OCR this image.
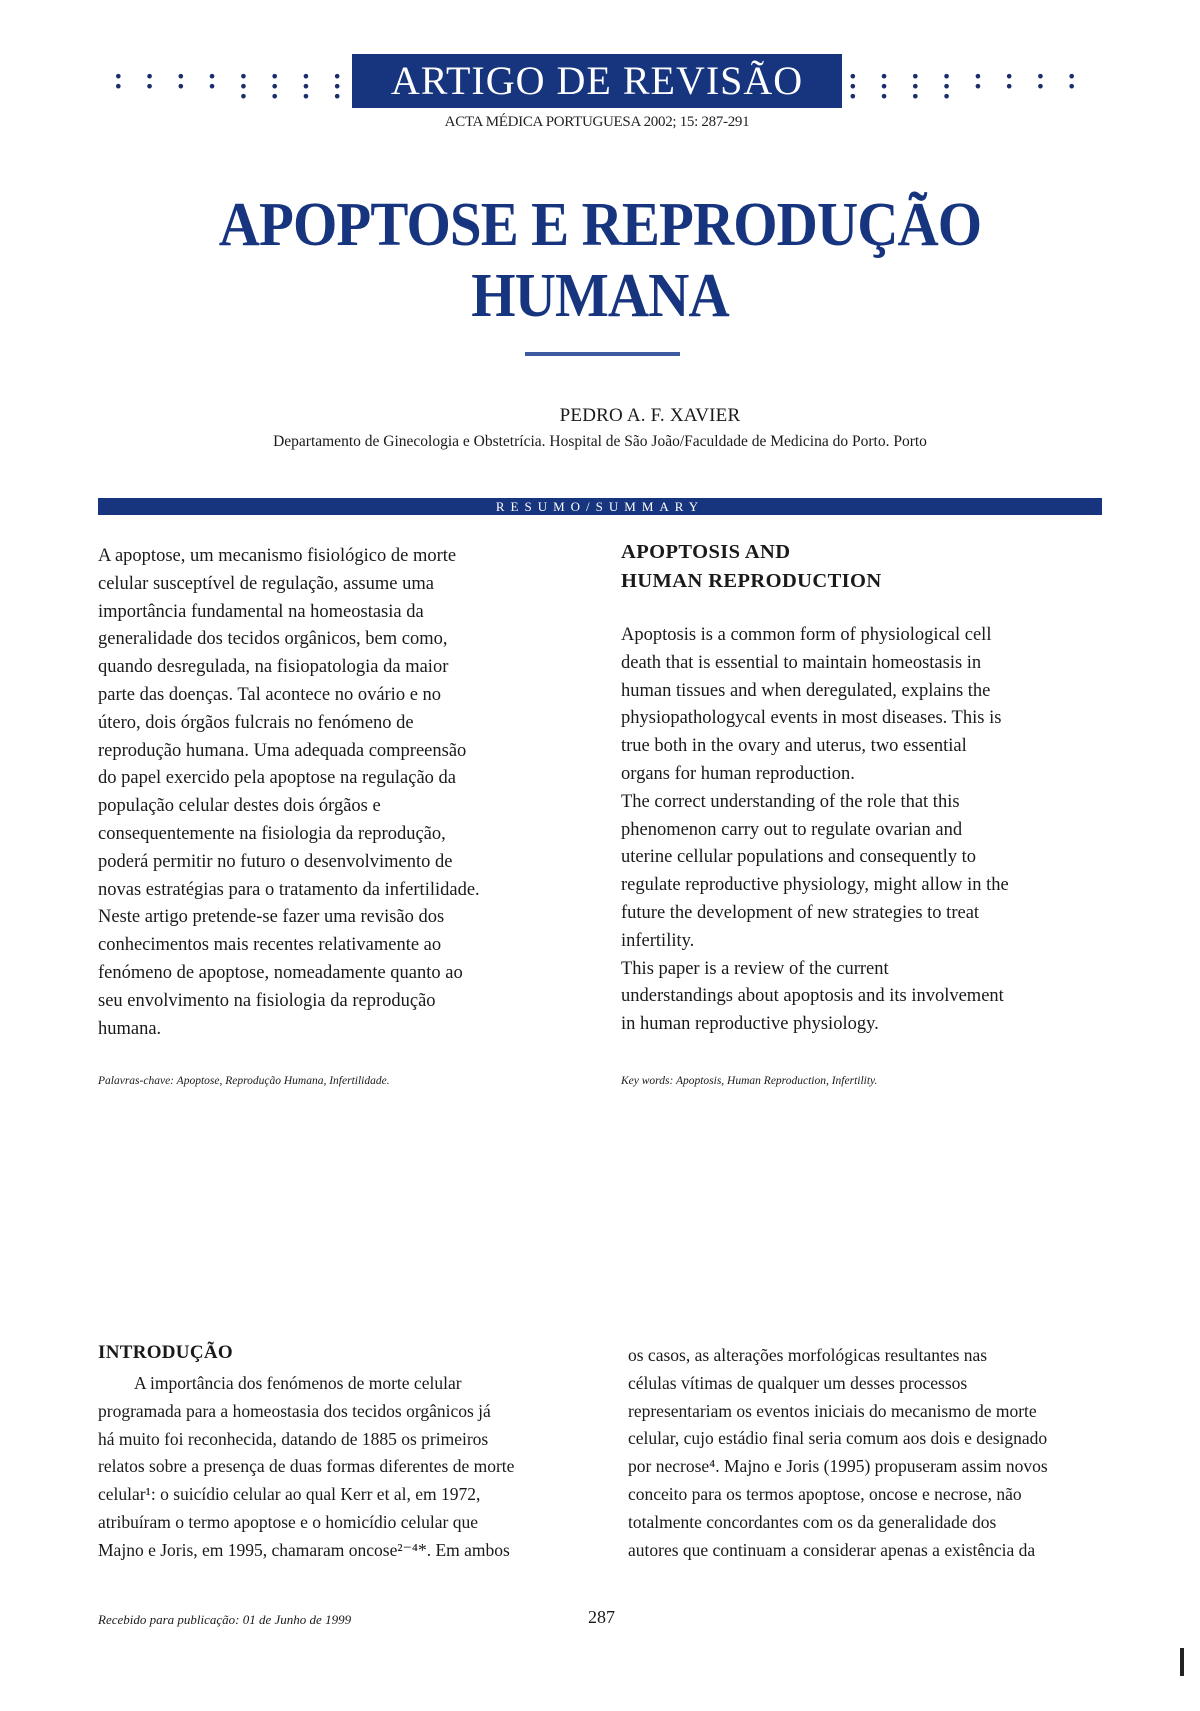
• • • • • • • • • • • • • • • • • • • •	ARTIGO DE REVISÃO	• • • • • • • • • • • • • • • • • • • •
ACTA MÉDICA PORTUGUESA 2002; 15: 287-291
APOPTOSE E REPRODUÇÃO HUMANA
PEDRO A. F. XAVIER
Departamento de Ginecologia e Obstetrícia. Hospital de São João/Faculdade de Medicina do Porto. Porto
RESUMO/SUMMARY
A apoptose, um mecanismo fisiológico de morte
celular susceptível de regulação, assume uma
importância fundamental na homeostasia da
generalidade dos tecidos orgânicos, bem como,
quando desregulada, na fisiopatologia da maior
parte das doenças. Tal acontece no ovário e no
útero, dois órgãos fulcrais no fenómeno de
reprodução humana. Uma adequada compreensão
do papel exercido pela apoptose na regulação da
população celular destes dois órgãos e
consequentemente na fisiologia da reprodução,
poderá permitir no futuro o desenvolvimento de
novas estratégias para o tratamento da infertilidade.
Neste artigo pretende-se fazer uma revisão dos
conhecimentos mais recentes relativamente ao
fenómeno de apoptose, nomeadamente quanto ao
seu envolvimento na fisiologia da reprodução
humana.
APOPTOSIS AND
HUMAN REPRODUCTION
Apoptosis is a common form of physiological cell
death that is essential to maintain homeostasis in
human tissues and when deregulated, explains the
physiopathologycal events in most diseases. This is
true both in the ovary and uterus, two essential
organs for human reproduction.
The correct understanding of the role that this
phenomenon carry out to regulate ovarian and
uterine cellular populations and consequently to
regulate reproductive physiology, might allow in the
future the development of new strategies to treat
infertility.
This paper is a review of the current
understandings about apoptosis and its involvement
in human reproductive physiology.
Palavras-chave: Apoptose, Reprodução Humana, Infertilidade.	Key words: Apoptosis, Human Reproduction, Infertility.
INTRODUÇÃO
A importância dos fenómenos de morte celular
programada para a homeostasia dos tecidos orgânicos já
há muito foi reconhecida, datando de 1885 os primeiros
relatos sobre a presença de duas formas diferentes de morte
celular¹: o suicídio celular ao qual Kerr et al, em 1972,
atribuíram o termo apoptose e o homicídio celular que
Majno e Joris, em 1995, chamaram oncose²⁻⁴*. Em ambos
os casos, as alterações morfológicas resultantes nas
células vítimas de qualquer um desses processos
representariam os eventos iniciais do mecanismo de morte
celular, cujo estádio final seria comum aos dois e designado
por necrose⁴. Majno e Joris (1995) propuseram assim novos
conceito para os termos apoptose, oncose e necrose, não
totalmente concordantes com os da generalidade dos
autores que continuam a considerar apenas a existência da
Recebido para publicação: 01 de Junho de 1999	287
